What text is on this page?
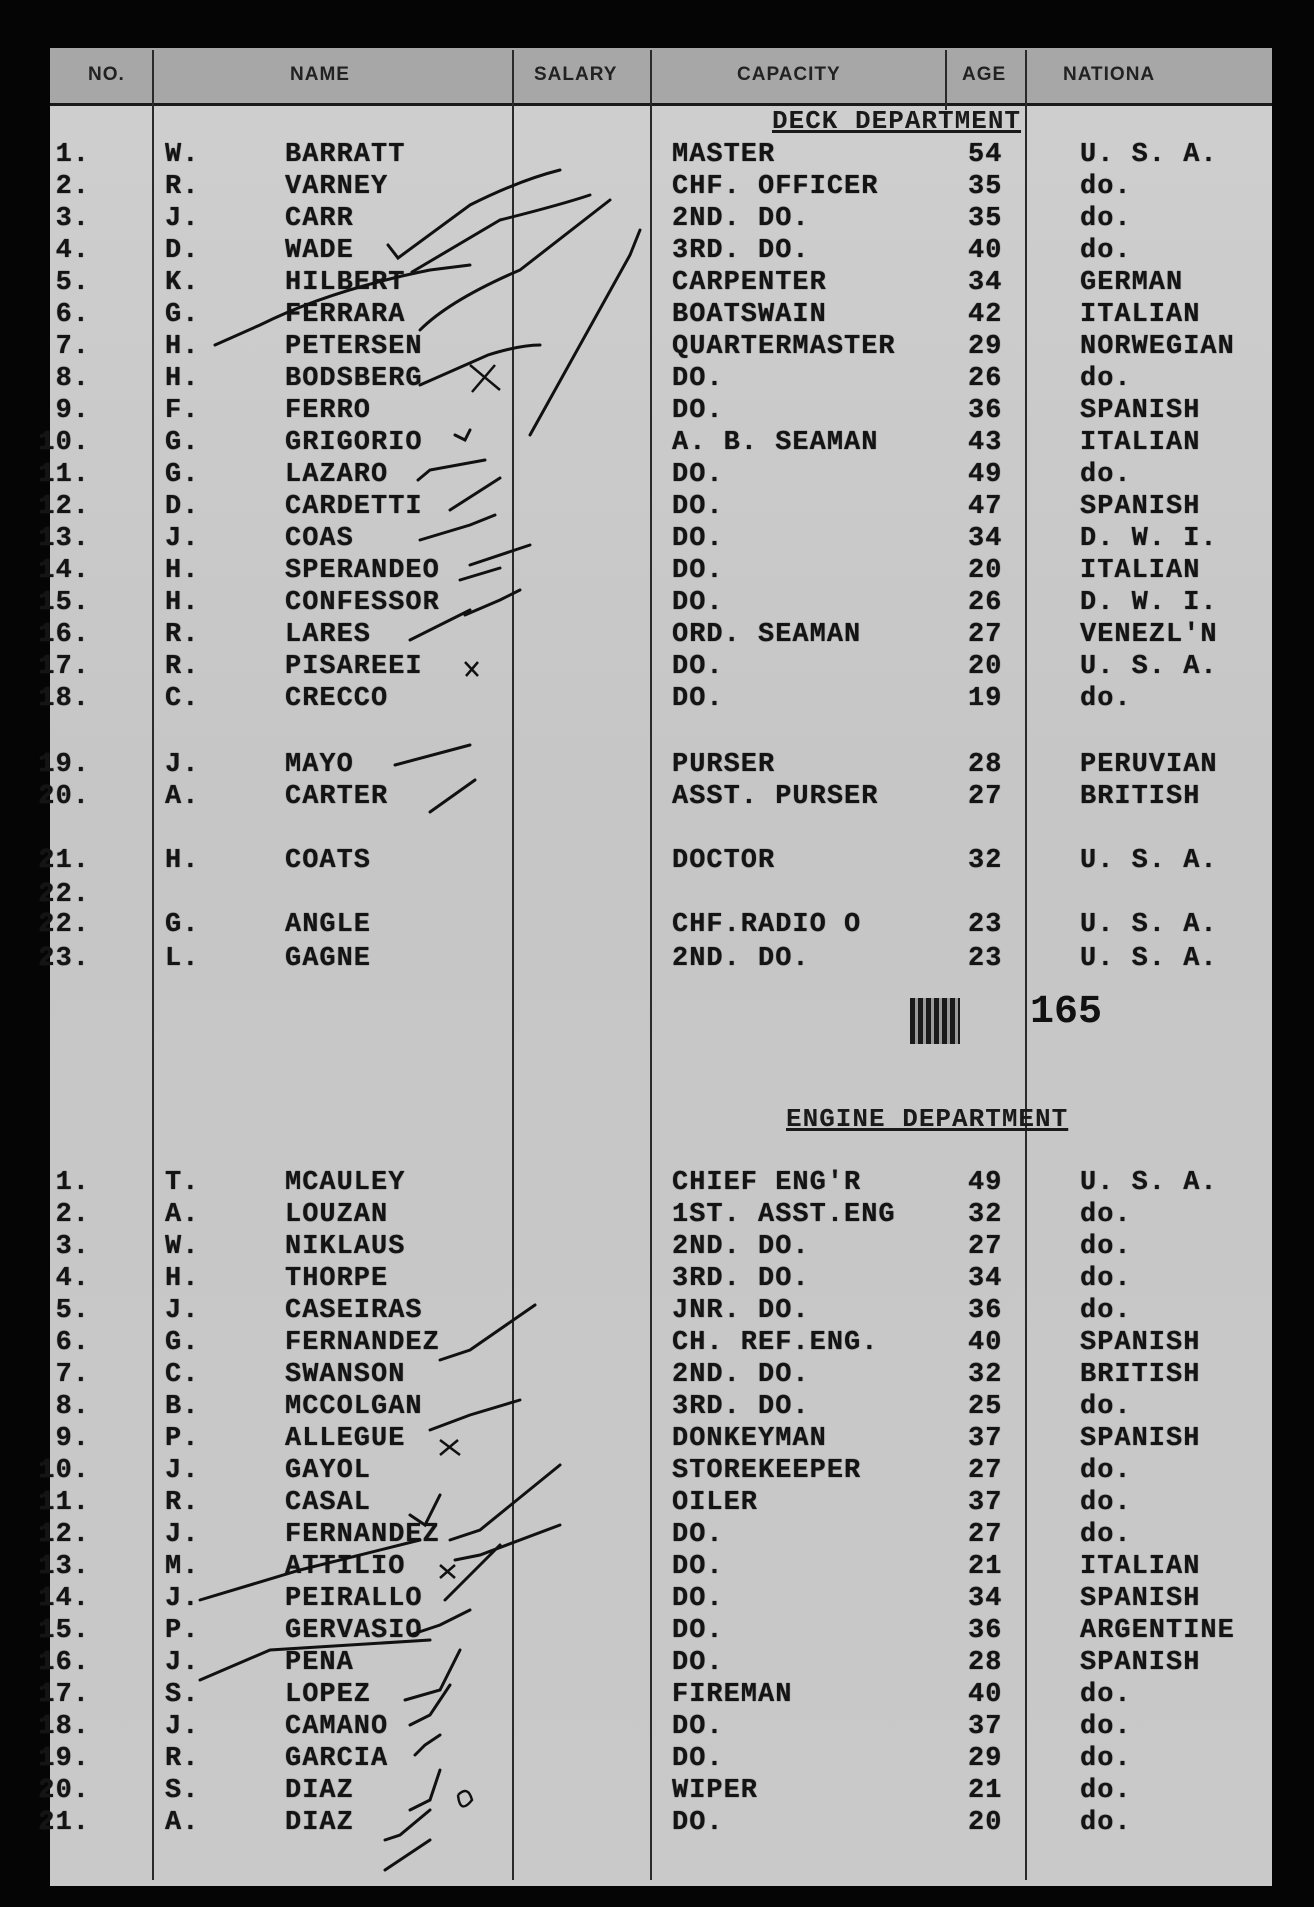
NO.	NAME	SALARY	CAPACITY	AGE	NATIONA
DECK DEPARTMENT
ENGINE DEPARTMENT
165
1.	W.	BARRATT	MASTER	54	U. S. A.
2.	R.	VARNEY	CHF. OFFICER	35	do.
3.	J.	CARR	2ND. DO.	35	do.
4.	D.	WADE	3RD. DO.	40	do.
5.	K.	HILBERT	CARPENTER	34	GERMAN
6.	G.	FERRARA	BOATSWAIN	42	ITALIAN
7.	H.	PETERSEN	QUARTERMASTER	29	NORWEGIAN
8.	H.	BODSBERG	DO.	26	do.
9.	F.	FERRO	DO.	36	SPANISH
10.	G.	GRIGORIO	A. B. SEAMAN	43	ITALIAN
11.	G.	LAZARO	DO.	49	do.
12.	D.	CARDETTI	DO.	47	SPANISH
13.	J.	COAS	DO.	34	D. W. I.
14.	H.	SPERANDEO	DO.	20	ITALIAN
15.	H.	CONFESSOR	DO.	26	D. W. I.
16.	R.	LARES	ORD. SEAMAN	27	VENEZL'N
17.	R.	PISAREEI	DO.	20	U. S. A.
18.	C.	CRECCO	DO.	19	do.
19.	J.	MAYO	PURSER	28	PERUVIAN
20.	A.	CARTER	ASST. PURSER	27	BRITISH
21.	H.	COATS	DOCTOR	32	U. S. A.
22.
22.	G.	ANGLE	CHF.RADIO O	23	U. S. A.
23.	L.	GAGNE	2ND. DO.	23	U. S. A.
1.	T.	MCAULEY	CHIEF ENG'R	49	U. S. A.
2.	A.	LOUZAN	1ST. ASST.ENG	32	do.
3.	W.	NIKLAUS	2ND. DO.	27	do.
4.	H.	THORPE	3RD. DO.	34	do.
5.	J.	CASEIRAS	JNR. DO.	36	do.
6.	G.	FERNANDEZ	CH. REF.ENG.	40	SPANISH
7.	C.	SWANSON	2ND. DO.	32	BRITISH
8.	B.	MCCOLGAN	3RD. DO.	25	do.
9.	P.	ALLEGUE	DONKEYMAN	37	SPANISH
10.	J.	GAYOL	STOREKEEPER	27	do.
11.	R.	CASAL	OILER	37	do.
12.	J.	FERNANDEZ	DO.	27	do.
13.	M.	ATTILIO	DO.	21	ITALIAN
14.	J.	PEIRALLO	DO.	34	SPANISH
15.	P.	GERVASIO	DO.	36	ARGENTINE
16.	J.	PENA	DO.	28	SPANISH
17.	S.	LOPEZ	FIREMAN	40	do.
18.	J.	CAMANO	DO.	37	do.
19.	R.	GARCIA	DO.	29	do.
20.	S.	DIAZ	WIPER	21	do.
21.	A.	DIAZ	DO.	20	do.
